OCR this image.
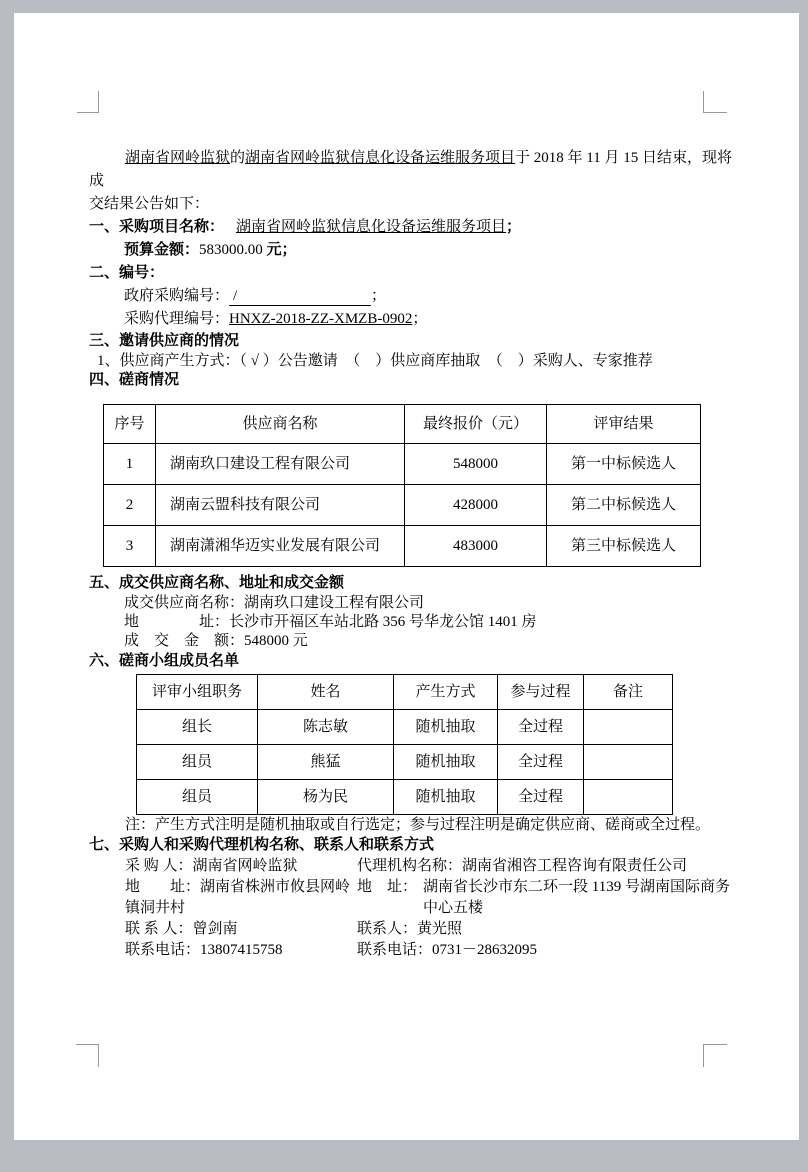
湖南省网岭监狱的湖南省网岭监狱信息化设备运维服务项目于 2018 年 11 月 15 日结束，现将成
交结果公告如下：
一、采购项目名称： 湖南省网岭监狱信息化设备运维服务项目；
预算金额：583000.00 元；
二、编号：
政府采购编号： /	；
采购代理编号：HNXZ-2018-ZZ-XMZB-0902；
三、邀请供应商的情况
1、供应商产生方式：（ √ ）公告邀请　（　）供应商库抽取　（　）采购人、专家推荐
四、磋商情况
序号	供应商名称	最终报价（元）	评审结果
1	湖南玖口建设工程有限公司	548000	第一中标候选人
2	湖南云盟科技有限公司	428000	第二中标候选人
3	湖南潇湘华迈实业发展有限公司	483000	第三中标候选人
五、成交供应商名称、地址和成交金额
成交供应商名称：湖南玖口建设工程有限公司
地　　　　址：长沙市开福区车站北路 356 号华龙公馆 1401 房
成　交　金　额：548000 元
六、磋商小组成员名单
评审小组职务	姓名	产生方式	参与过程	备注
组长	陈志敏	随机抽取	全过程	
组员	熊猛	随机抽取	全过程	
组员	杨为民	随机抽取	全过程	
注：产生方式注明是随机抽取或自行选定；参与过程注明是确定供应商、磋商或全过程。
七、采购人和采购代理机构名称、联系人和联系方式
采 购 人：湖南省网岭监狱	代理机构名称：湖南省湘咨工程咨询有限责任公司
地　　址：湖南省株洲市攸县网岭镇洞井村
地　址： 湖南省长沙市东二环一段 1139 号湖南国际商务中心五楼
联 系 人：曾剑南	联系人：黄光照
联系电话：13807415758	联系电话：0731－28632095
